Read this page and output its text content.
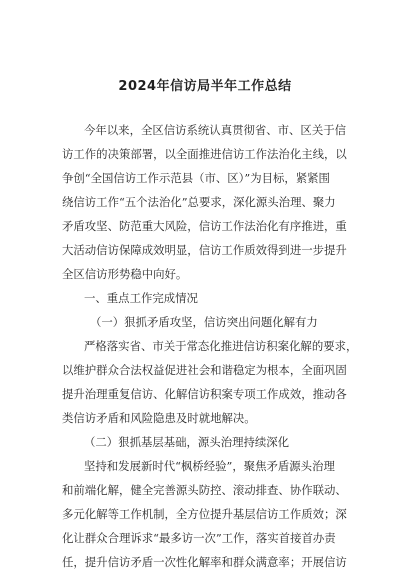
2024年信访局半年工作总结
今年以来，全区信访系统认真贯彻省、市、区关于信
访工作的决策部署，以全面推进信访工作法治化主线，以
争创“全国信访工作示范县（市、区）”为目标，紧紧围
绕信访工作“五个法治化”总要求，深化源头治理、聚力
矛盾攻坚、防范重大风险，信访工作法治化有序推进，重
大活动信访保障成效明显，信访工作质效得到进一步提升
全区信访形势稳中向好。
一、重点工作完成情况
（一）狠抓矛盾攻坚，信访突出问题化解有力
严格落实省、市关于常态化推进信访积案化解的要求，
以维护群众合法权益促进社会和谐稳定为根本，全面巩固
提升治理重复信访、化解信访积案专项工作成效，推动各
类信访矛盾和风险隐患及时就地解决。
（二）狠抓基层基础，源头治理持续深化
坚持和发展新时代“枫桥经验”，聚焦矛盾源头治理
和前端化解，健全完善源头防控、滚动排查、协作联动、
多元化解等工作机制，全方位提升基层信访工作质效；深
化让群众合理诉求“最多访一次”工作，落实首接首办责
任，提升信访矛盾一次性化解率和群众满意率；开展信访
